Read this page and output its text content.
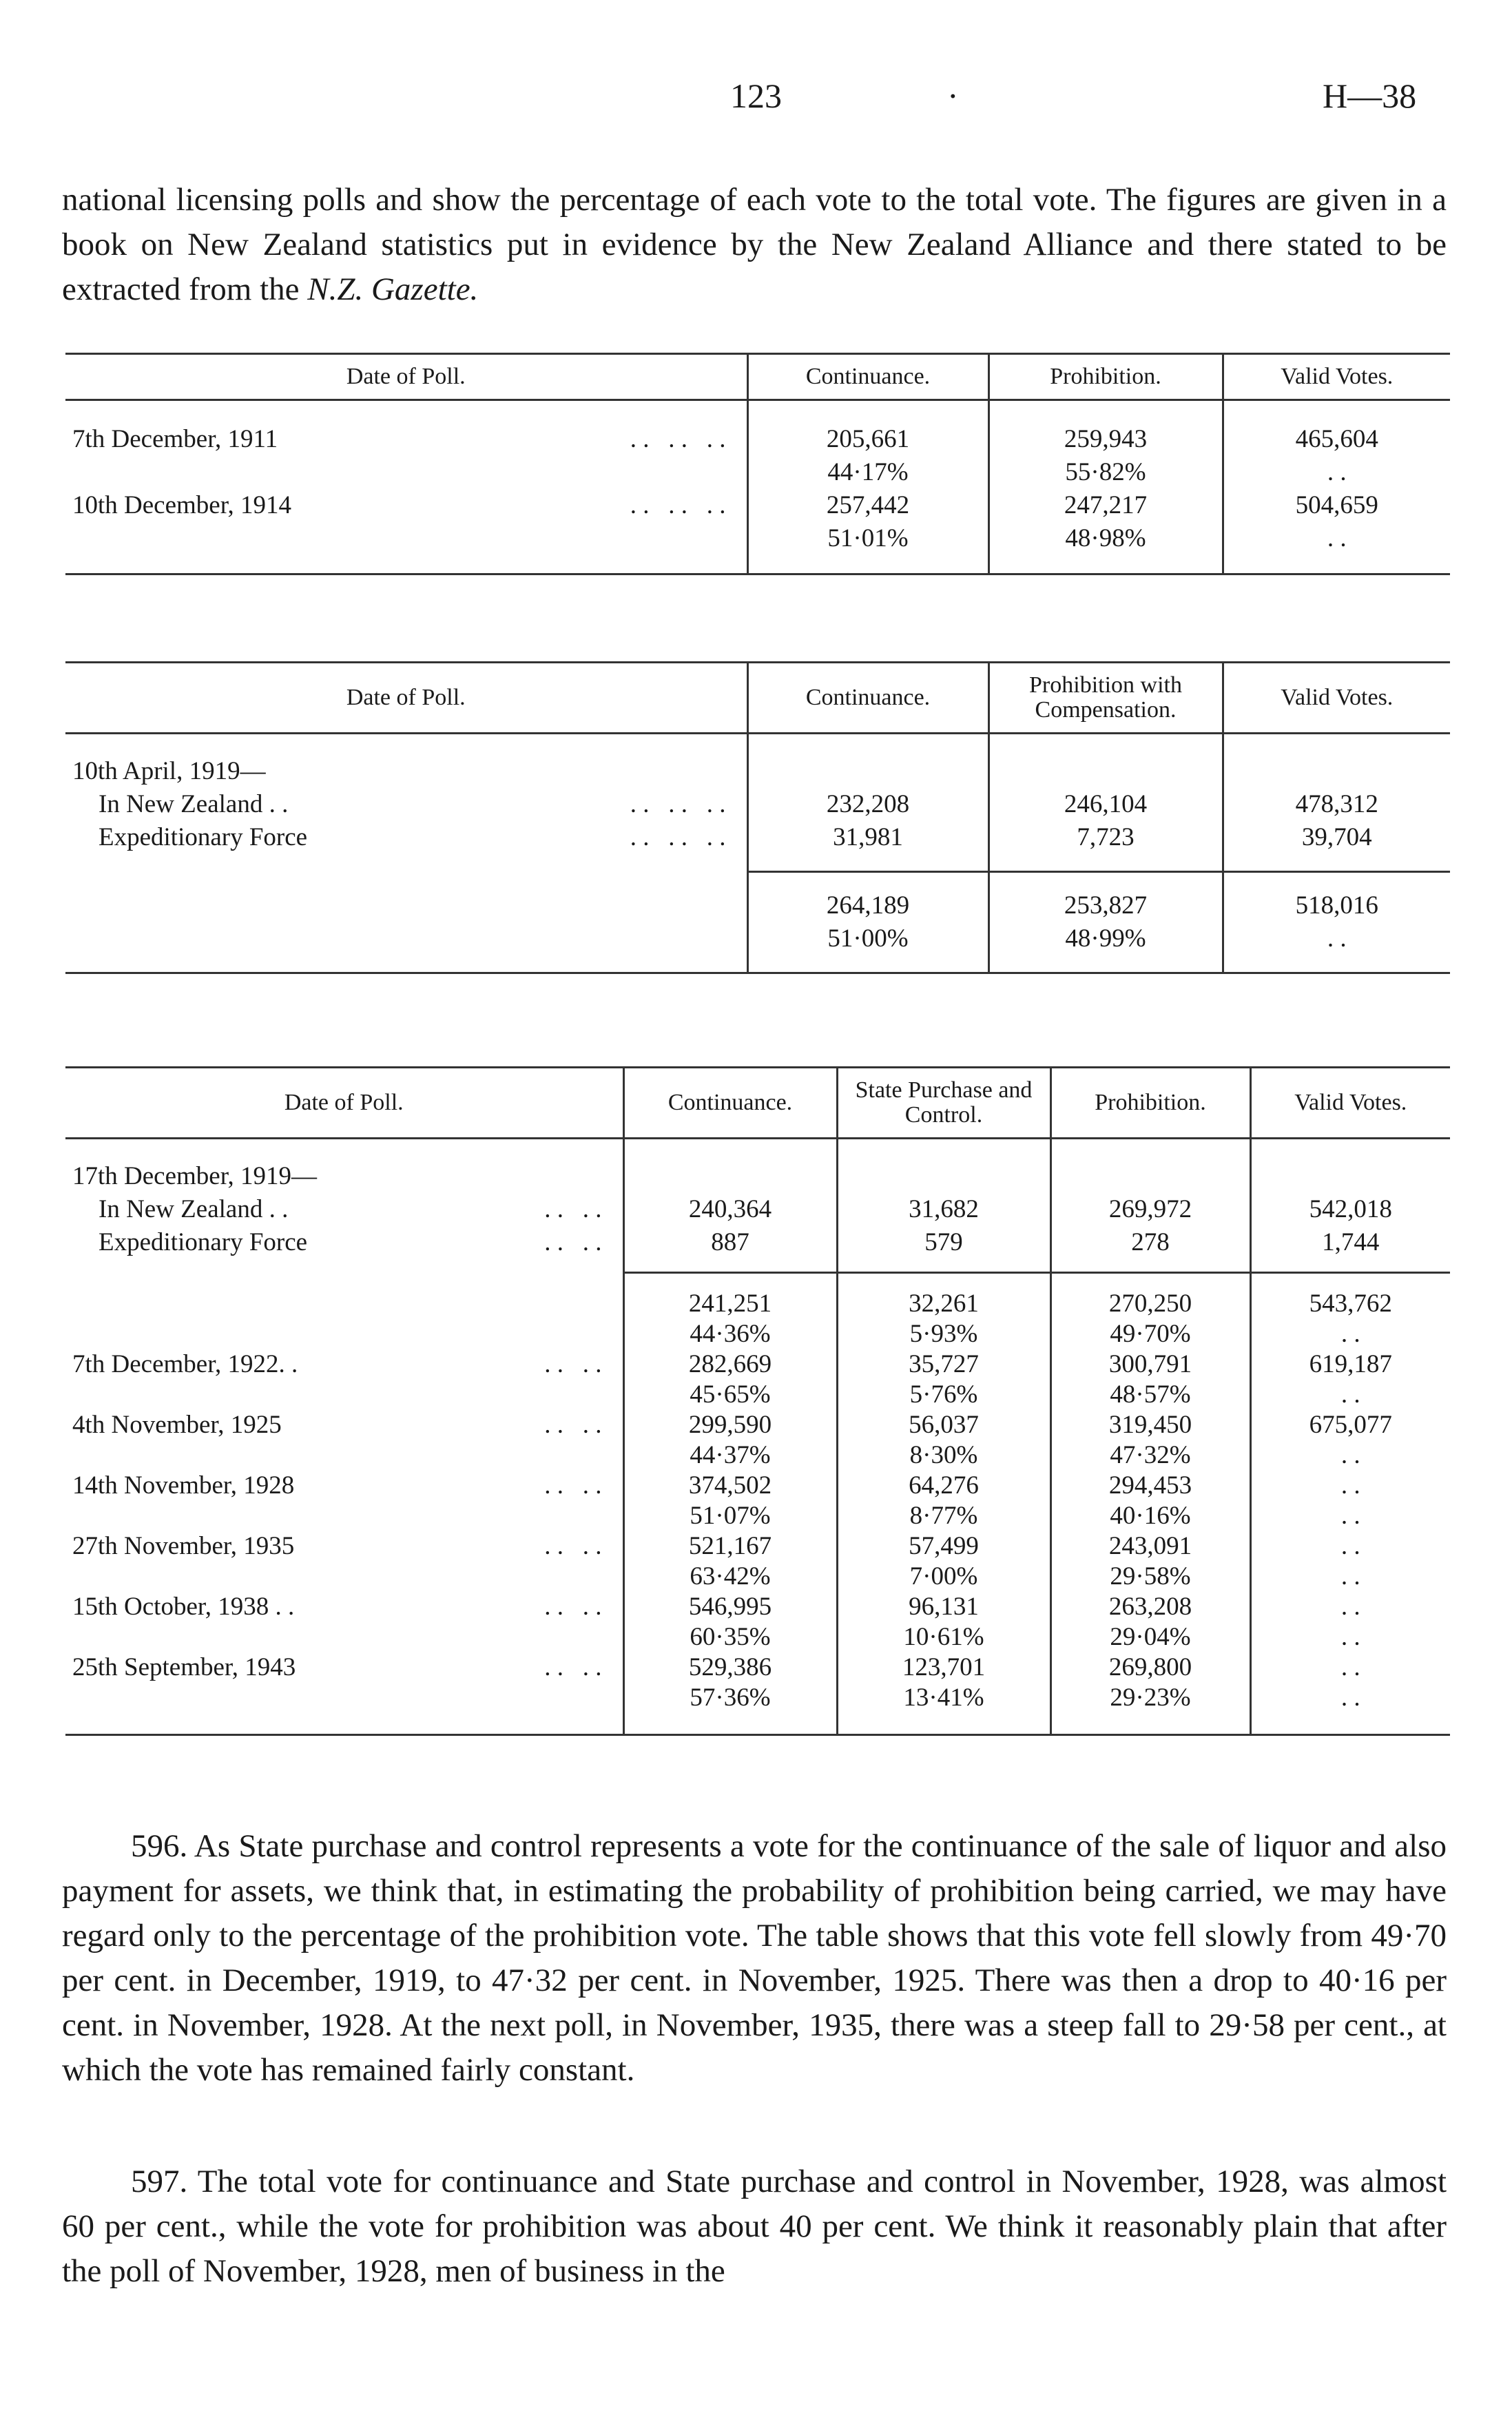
123	·	H—38
national licensing polls and show the percentage of each vote to the total vote. The figures are given in a book on New Zealand statistics put in evidence by the New Zealand Alliance and there stated to be extracted from the N.Z. Gazette.
Date of Poll.	Continuance.	Prohibition.	Valid Votes.
7th December, 1911 . .   . .   . .	205,661	259,943	465,604

	44·17%	55·82%	. .
10th December, 1914 . .   . .   . .	257,442	247,217	504,659

	51·01%	48·98%	. .
Date of Poll.	Continuance.	Prohibition with Compensation.	Valid Votes.
10th April, 1919—

In New Zealand . . . .   . .   . .	232,208	246,104	478,312
Expeditionary Force . .   . .   . .	31,981	7,723	39,704
	264,189	253,827	518,016
	51·00%	48·99%	. .
Date of Poll.	Continuance.	State Purchase and Control.	Prohibition.	Valid Votes.
17th December, 1919—

In New Zealand . . . .   . .	240,364	31,682	269,972	542,018
Expeditionary Force . .   . .	887	579	278	1,744

	241,251	32,261	270,250	543,762

	44·36%	5·93%	49·70%	. .
7th December, 1922. . . .   . .	282,669	35,727	300,791	619,187

	45·65%	5·76%	48·57%	. .
4th November, 1925 . .   . .	299,590	56,037	319,450	675,077

	44·37%	8·30%	47·32%	. .
14th November, 1928 . .   . .	374,502	64,276	294,453	. .

	51·07%	8·77%	40·16%	. .
27th November, 1935 . .   . .	521,167	57,499	243,091	. .

	63·42%	7·00%	29·58%	. .
15th October, 1938 . . . .   . .	546,995	96,131	263,208	. .

	60·35%	10·61%	29·04%	. .
25th September, 1943 . .   . .	529,386	123,701	269,800	. .

	57·36%	13·41%	29·23%	. .
596. As State purchase and control represents a vote for the continuance of the sale of liquor and also payment for assets, we think that, in estimating the probability of prohibition being carried, we may have regard only to the percentage of the prohibition vote. The table shows that this vote fell slowly from 49·70 per cent. in December, 1919, to 47·32 per cent. in November, 1925. There was then a drop to 40·16 per cent. in November, 1928. At the next poll, in November, 1935, there was a steep fall to 29·58 per cent., at which the vote has remained fairly constant.
597. The total vote for continuance and State purchase and control in November, 1928, was almost 60 per cent., while the vote for prohibition was about 40 per cent. We think it reasonably plain that after the poll of November, 1928, men of business in the
